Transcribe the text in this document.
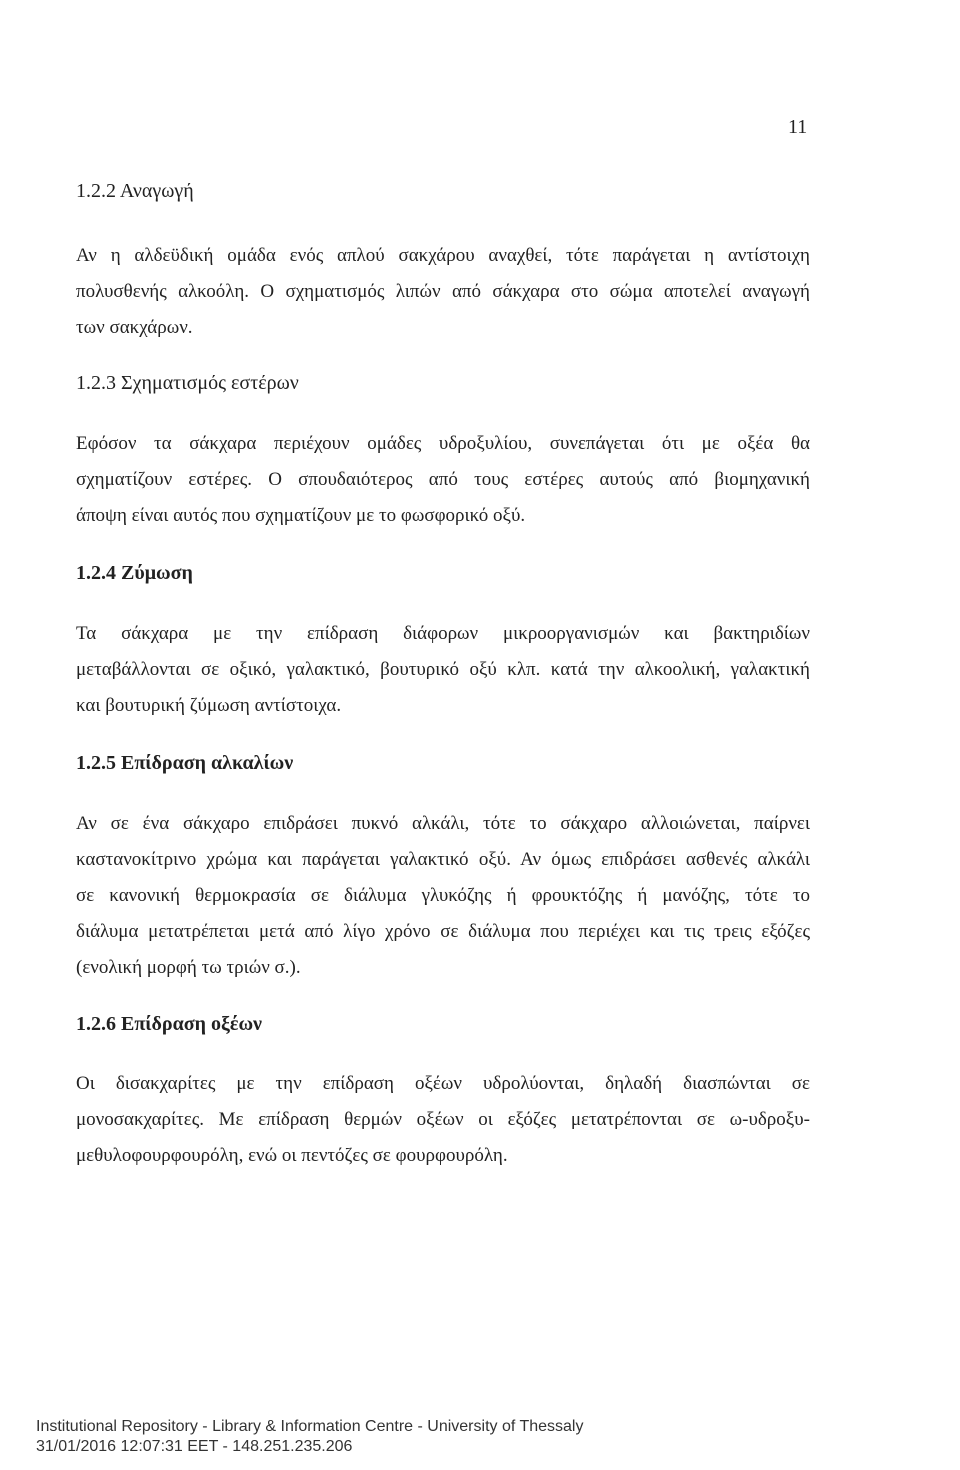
11
1.2.2 Αναγωγή
Αν η αλδεϋδική ομάδα ενός απλού σακχάρου αναχθεί, τότε παράγεται η αντίστοιχη
πολυσθενής αλκοόλη. Ο σχηματισμός λιπών από σάκχαρα στο σώμα αποτελεί αναγωγή
των σακχάρων.
1.2.3 Σχηματισμός εστέρων
Εφόσον τα σάκχαρα περιέχουν ομάδες υδροξυλίου, συνεπάγεται ότι με οξέα θα
σχηματίζουν εστέρες. Ο σπουδαιότερος από τους εστέρες αυτούς από βιομηχανική
άποψη είναι αυτός που σχηματίζουν με το φωσφορικό οξύ.
1.2.4 Ζύμωση
Τα σάκχαρα με την επίδραση διάφορων μικροοργανισμών και βακτηριδίων
μεταβάλλονται σε οξικό, γαλακτικό, βουτυρικό οξύ κλπ. κατά την αλκοολική, γαλακτική
και βουτυρική ζύμωση αντίστοιχα.
1.2.5 Επίδραση αλκαλίων
Αν σε ένα σάκχαρο επιδράσει πυκνό αλκάλι, τότε το σάκχαρο αλλοιώνεται, παίρνει
καστανοκίτρινο χρώμα και παράγεται γαλακτικό οξύ. Αν όμως επιδράσει ασθενές αλκάλι
σε κανονική θερμοκρασία σε διάλυμα γλυκόζης ή φρουκτόζης ή μανόζης, τότε το
διάλυμα μετατρέπεται μετά από λίγο χρόνο σε διάλυμα που περιέχει και τις τρεις εξόζες
(ενολική μορφή τω τριών σ.).
1.2.6 Επίδραση οξέων
Οι δισακχαρίτες με την επίδραση οξέων υδρολύονται, δηλαδή διασπώνται σε
μονοσακχαρίτες. Με επίδραση θερμών οξέων οι εξόζες μετατρέπονται σε ω-υδροξυ-
μεθυλοφουρφουρόλη, ενώ οι πεντόζες σε φουρφουρόλη.
Institutional Repository - Library & Information Centre - University of Thessaly
31/01/2016 12:07:31 EET - 148.251.235.206
